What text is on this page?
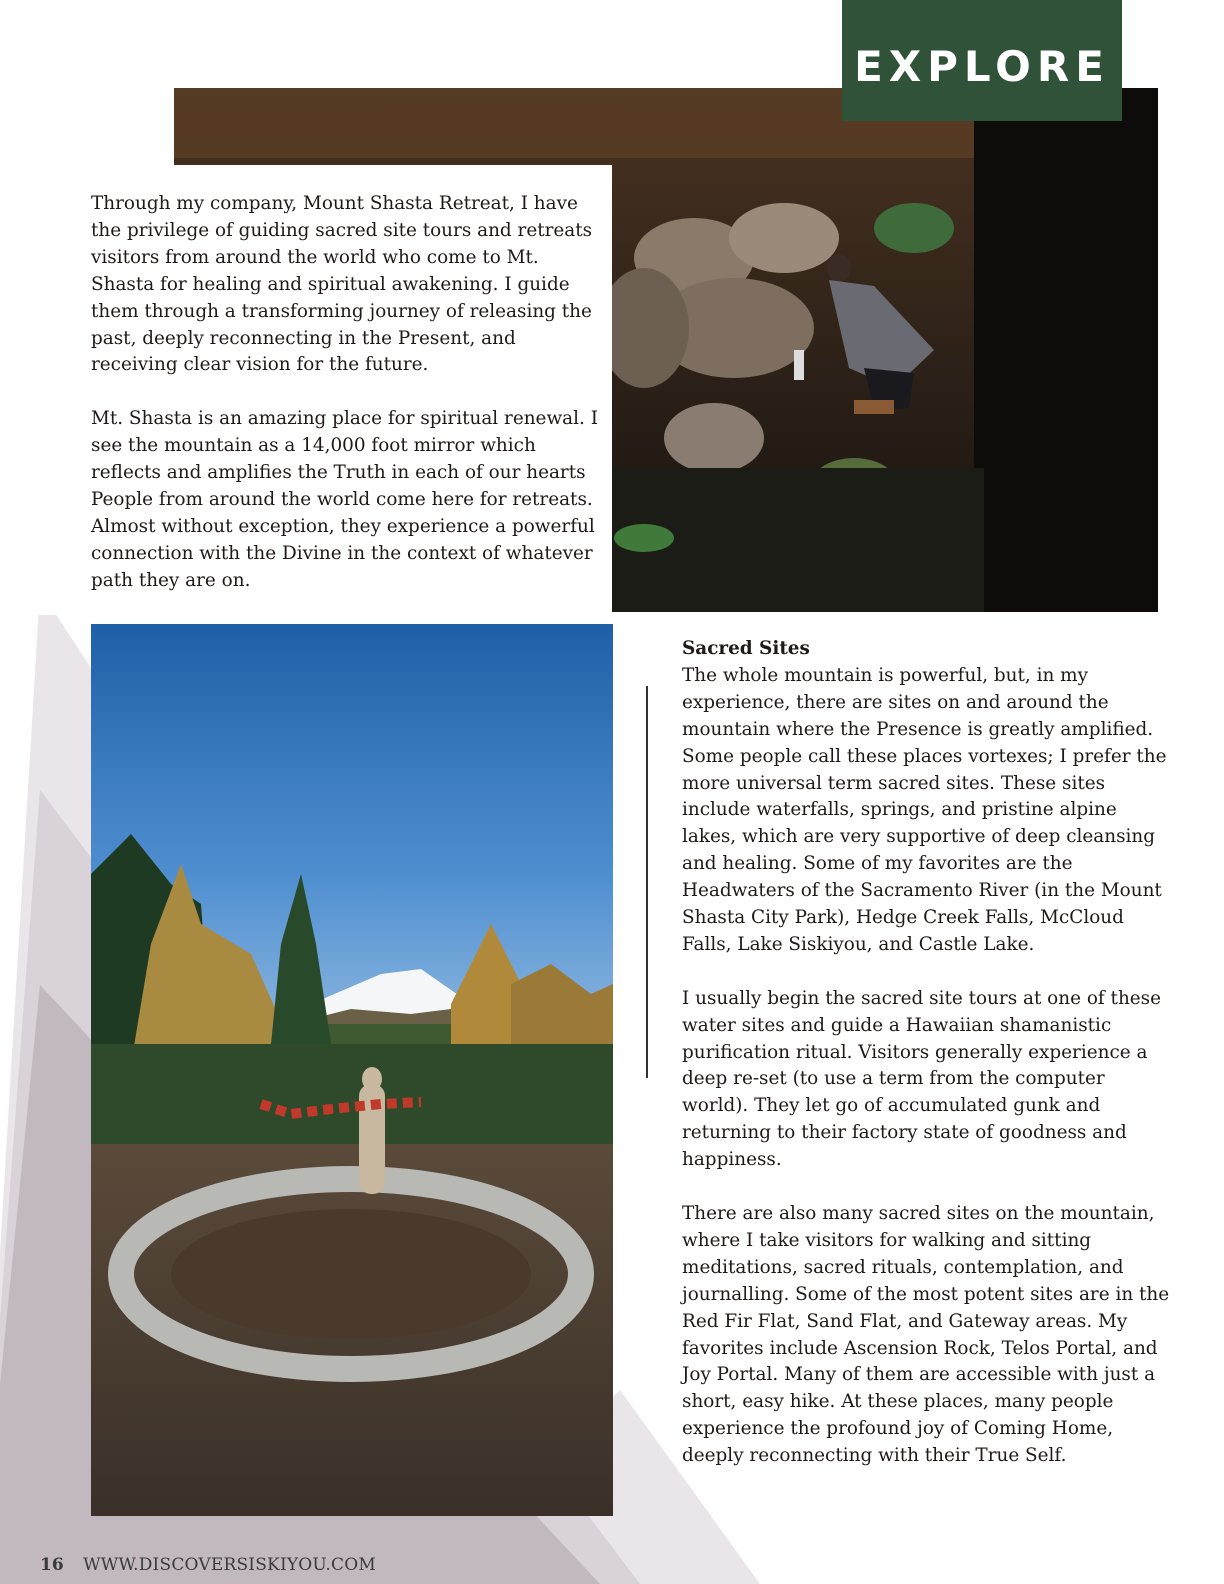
EXPLORE

Through my company, Mount Shasta Retreat, I have the privilege of guiding sacred site tours and retreats visitors from around the world who come to Mt. Shasta for healing and spiritual awakening. I guide them through a transforming journey of releasing the past, deeply reconnecting in the Present, and receiving clear vision for the future.

Mt. Shasta is an amazing place for spiritual renewal. I see the mountain as a 14,000 foot mirror which reflects and amplifies the Truth in each of our hearts People from around the world come here for retreats. Almost without exception, they experience a powerful connection with the Divine in the context of whatever path they are on.

Sacred Sites

The whole mountain is powerful, but, in my experience, there are sites on and around the mountain where the Presence is greatly amplified. Some people call these places vortexes; I prefer the more universal term sacred sites. These sites include waterfalls, springs, and pristine alpine lakes, which are very supportive of deep cleansing and healing. Some of my favorites are the Headwaters of the Sacramento River (in the Mount Shasta City Park), Hedge Creek Falls, McCloud Falls, Lake Siskiyou, and Castle Lake.

I usually begin the sacred site tours at one of these water sites and guide a Hawaiian shamanistic purification ritual. Visitors generally experience a deep re-set (to use a term from the computer world). They let go of accumulated gunk and returning to their factory state of goodness and happiness.

There are also many sacred sites on the mountain, where I take visitors for walking and sitting meditations, sacred rituals, contemplation, and journalling. Some of the most potent sites are in the Red Fir Flat, Sand Flat, and Gateway areas. My favorites include Ascension Rock, Telos Portal, and Joy Portal. Many of them are accessible with just a short, easy hike. At these places, many people experience the profound joy of Coming Home, deeply reconnecting with their True Self.

16 WWW.DISCOVERSISKIYOU.COM
